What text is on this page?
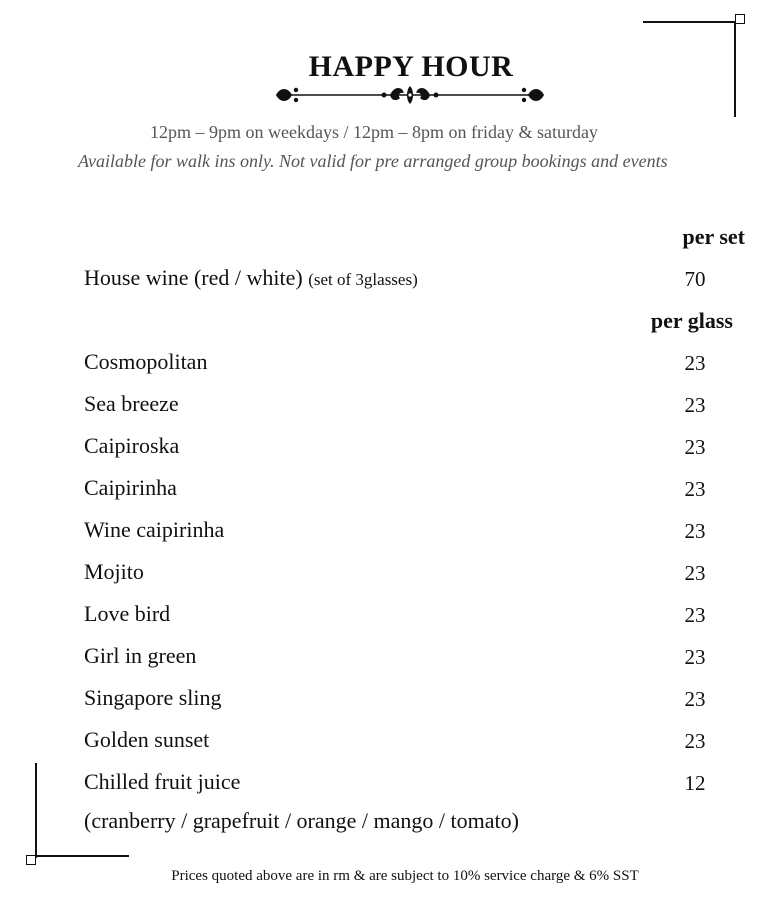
HAPPY HOUR
12pm – 9pm on weekdays / 12pm – 8pm on friday & saturday
Available for walk ins only. Not valid for pre arranged group bookings and events
per set
House wine (red / white) (set of 3glasses)	70
per glass
Cosmopolitan	23
Sea breeze	23
Caipiroska	23
Caipirinha	23
Wine caipirinha	23
Mojito	23
Love bird	23
Girl in green	23
Singapore sling	23
Golden sunset	23
Chilled fruit juice	12
(cranberry / grapefruit / orange / mango / tomato)
Prices quoted above are in rm & are subject to 10% service charge & 6% SST
